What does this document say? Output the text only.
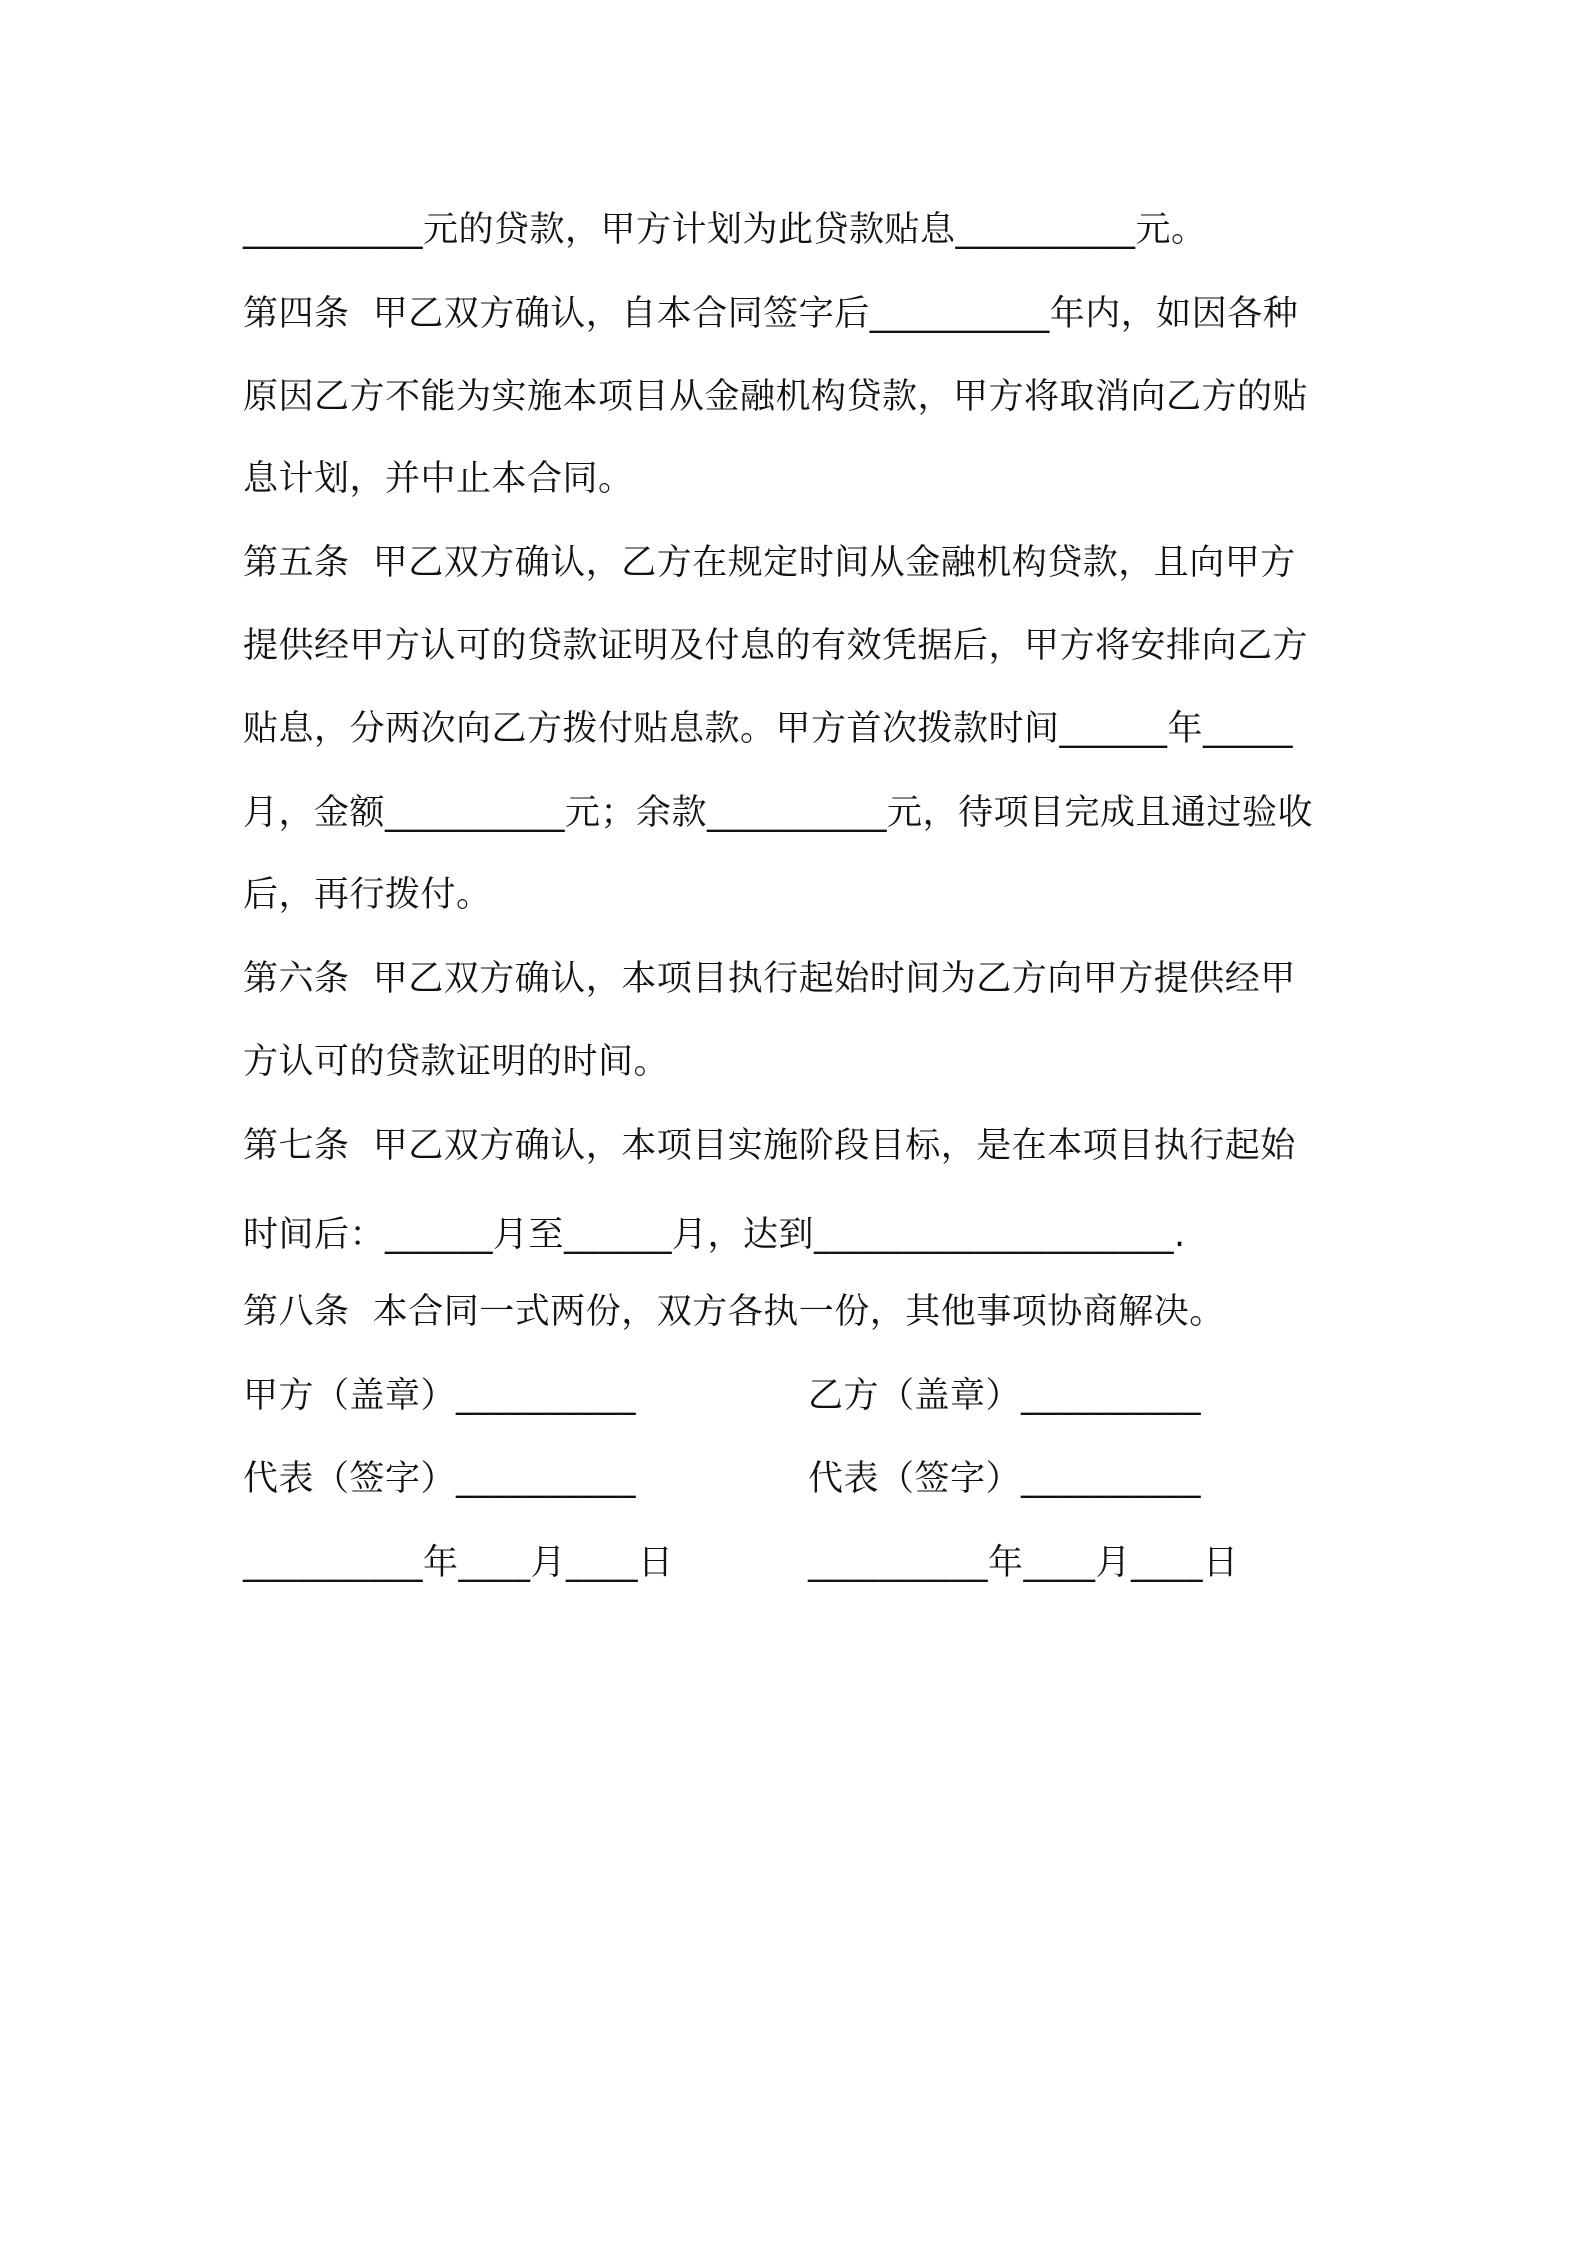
__________元的贷款，甲方计划为此贷款贴息__________元。
第四条  甲乙双方确认，自本合同签字后__________年内，如因各种
原因乙方不能为实施本项目从金融机构贷款，甲方将取消向乙方的贴
息计划，并中止本合同。
第五条  甲乙双方确认，乙方在规定时间从金融机构贷款，且向甲方
提供经甲方认可的贷款证明及付息的有效凭据后，甲方将安排向乙方
贴息，分两次向乙方拨付贴息款。甲方首次拨款时间______年_____
月，金额__________元；余款__________元，待项目完成且通过验收
后，再行拨付。
第六条  甲乙双方确认，本项目执行起始时间为乙方向甲方提供经甲
方认可的贷款证明的时间。
第七条  甲乙双方确认，本项目实施阶段目标，是在本项目执行起始
时间后：______月至______月，达到____________________.
第八条  本合同一式两份，双方各执一份，其他事项协商解决。
甲方（盖章）__________	乙方（盖章）__________
代表（签字）__________	代表（签字）__________
__________年____月____日	__________年____月____日
